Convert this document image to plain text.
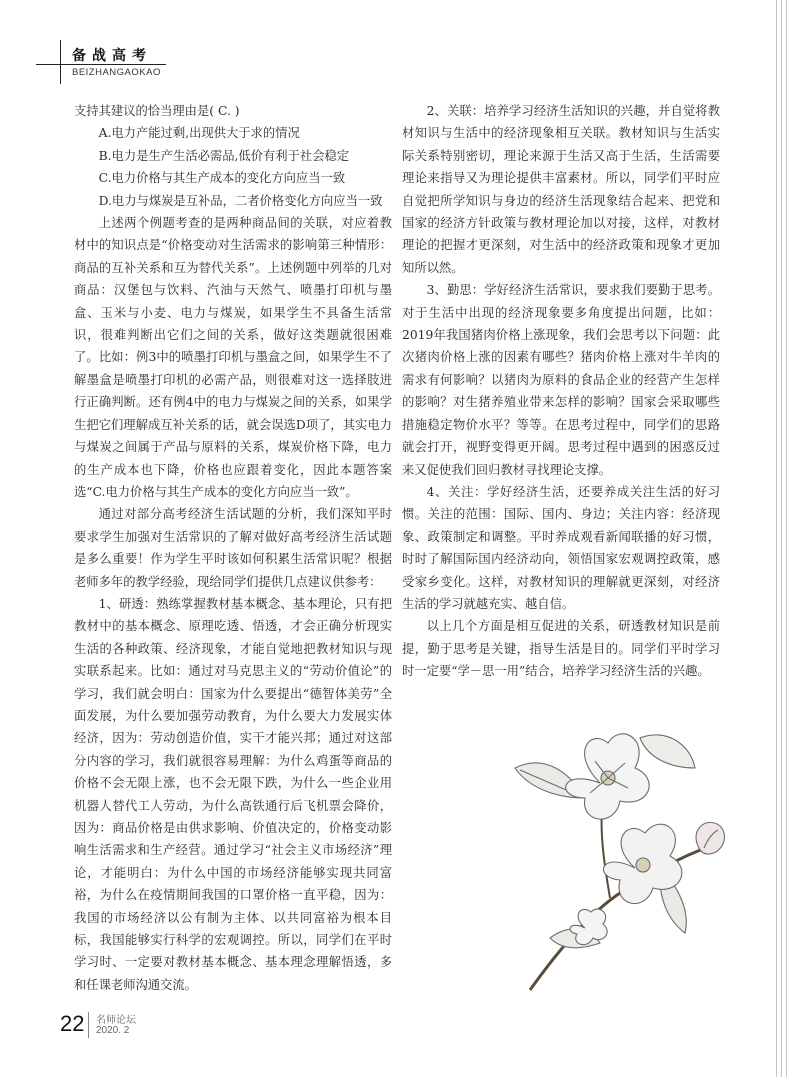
备战高考
BEIZHANGAOKAO

支持其建议的恰当理由是( C. )

A.电力产能过剩,出现供大于求的情况

B.电力是生产生活必需品,低价有利于社会稳定

C.电力价格与其生产成本的变化方向应当一致

D.电力与煤炭是互补品，二者价格变化方向应当一致

上述两个例题考查的是两种商品间的关联，对应着教材中的知识点是“价格变动对生活需求的影响第三种情形：商品的互补关系和互为替代关系”。上述例题中列举的几对商品：汉堡包与饮料、汽油与天然气、喷墨打印机与墨盒、玉米与小麦、电力与煤炭，如果学生不具备生活常识，很难判断出它们之间的关系，做好这类题就很困难了。比如：例3中的喷墨打印机与墨盒之间，如果学生不了解墨盒是喷墨打印机的必需产品，则很难对这一选择肢进行正确判断。还有例4中的电力与煤炭之间的关系，如果学生把它们理解成互补关系的话，就会误选D项了，其实电力与煤炭之间属于产品与原料的关系，煤炭价格下降，电力的生产成本也下降，价格也应跟着变化，因此本题答案选“C.电力价格与其生产成本的变化方向应当一致”。

通过对部分高考经济生活试题的分析，我们深知平时要求学生加强对生活常识的了解对做好高考经济生活试题是多么重要！作为学生平时该如何积累生活常识呢？根据老师多年的教学经验，现给同学们提供几点建议供参考：

1、研透：熟练掌握教材基本概念、基本理论，只有把教材中的基本概念、原理吃透、悟透，才会正确分析现实生活的各种政策、经济现象，才能自觉地把教材知识与现实联系起来。比如：通过对马克思主义的“劳动价值论”的学习，我们就会明白：国家为什么要提出“德智体美劳”全面发展，为什么要加强劳动教育，为什么要大力发展实体经济，因为：劳动创造价值，实干才能兴邦；通过对这部分内容的学习，我们就很容易理解：为什么鸡蛋等商品的价格不会无限上涨，也不会无限下跌，为什么一些企业用机器人替代工人劳动，为什么高铁通行后飞机票会降价，因为：商品价格是由供求影响、价值决定的，价格变动影响生活需求和生产经营。通过学习“社会主义市场经济”理论，才能明白：为什么中国的市场经济能够实现共同富裕，为什么在疫情期间我国的口罩价格一直平稳，因为：我国的市场经济以公有制为主体、以共同富裕为根本目标，我国能够实行科学的宏观调控。所以，同学们在平时学习时、一定要对教材基本概念、基本理念理解悟透，多和任课老师沟通交流。

2、关联：培养学习经济生活知识的兴趣，并自觉将教材知识与生活中的经济现象相互关联。教材知识与生活实际关系特别密切，理论来源于生活又高于生活，生活需要理论来指导又为理论提供丰富素材。所以，同学们平时应自觉把所学知识与身边的经济生活现象结合起来、把党和国家的经济方针政策与教材理论加以对接，这样，对教材理论的把握才更深刻，对生活中的经济政策和现象才更加知所以然。

3、勤思：学好经济生活常识，要求我们要勤于思考。对于生活中出现的经济现象要多角度提出问题，比如：2019年我国猪肉价格上涨现象，我们会思考以下问题：此次猪肉价格上涨的因素有哪些？猪肉价格上涨对牛羊肉的需求有何影响？以猪肉为原料的食品企业的经营产生怎样的影响？对生猪养殖业带来怎样的影响？国家会采取哪些措施稳定物价水平？等等。在思考过程中，同学们的思路就会打开，视野变得更开阔。思考过程中遇到的困惑反过来又促使我们回归教材寻找理论支撑。

4、关注：学好经济生活，还要养成关注生活的好习惯。关注的范围：国际、国内、身边；关注内容：经济现象、政策制定和调整。平时养成观看新闻联播的好习惯，时时了解国际国内经济动向，领悟国家宏观调控政策，感受家乡变化。这样，对教材知识的理解就更深刻，对经济生活的学习就越充实、越自信。

以上几个方面是相互促进的关系，研透教材知识是前提，勤于思考是关键，指导生活是目的。同学们平时学习时一定要“学－思一用”结合，培养学习经济生活的兴趣。

22 名师论坛
2020. 2
